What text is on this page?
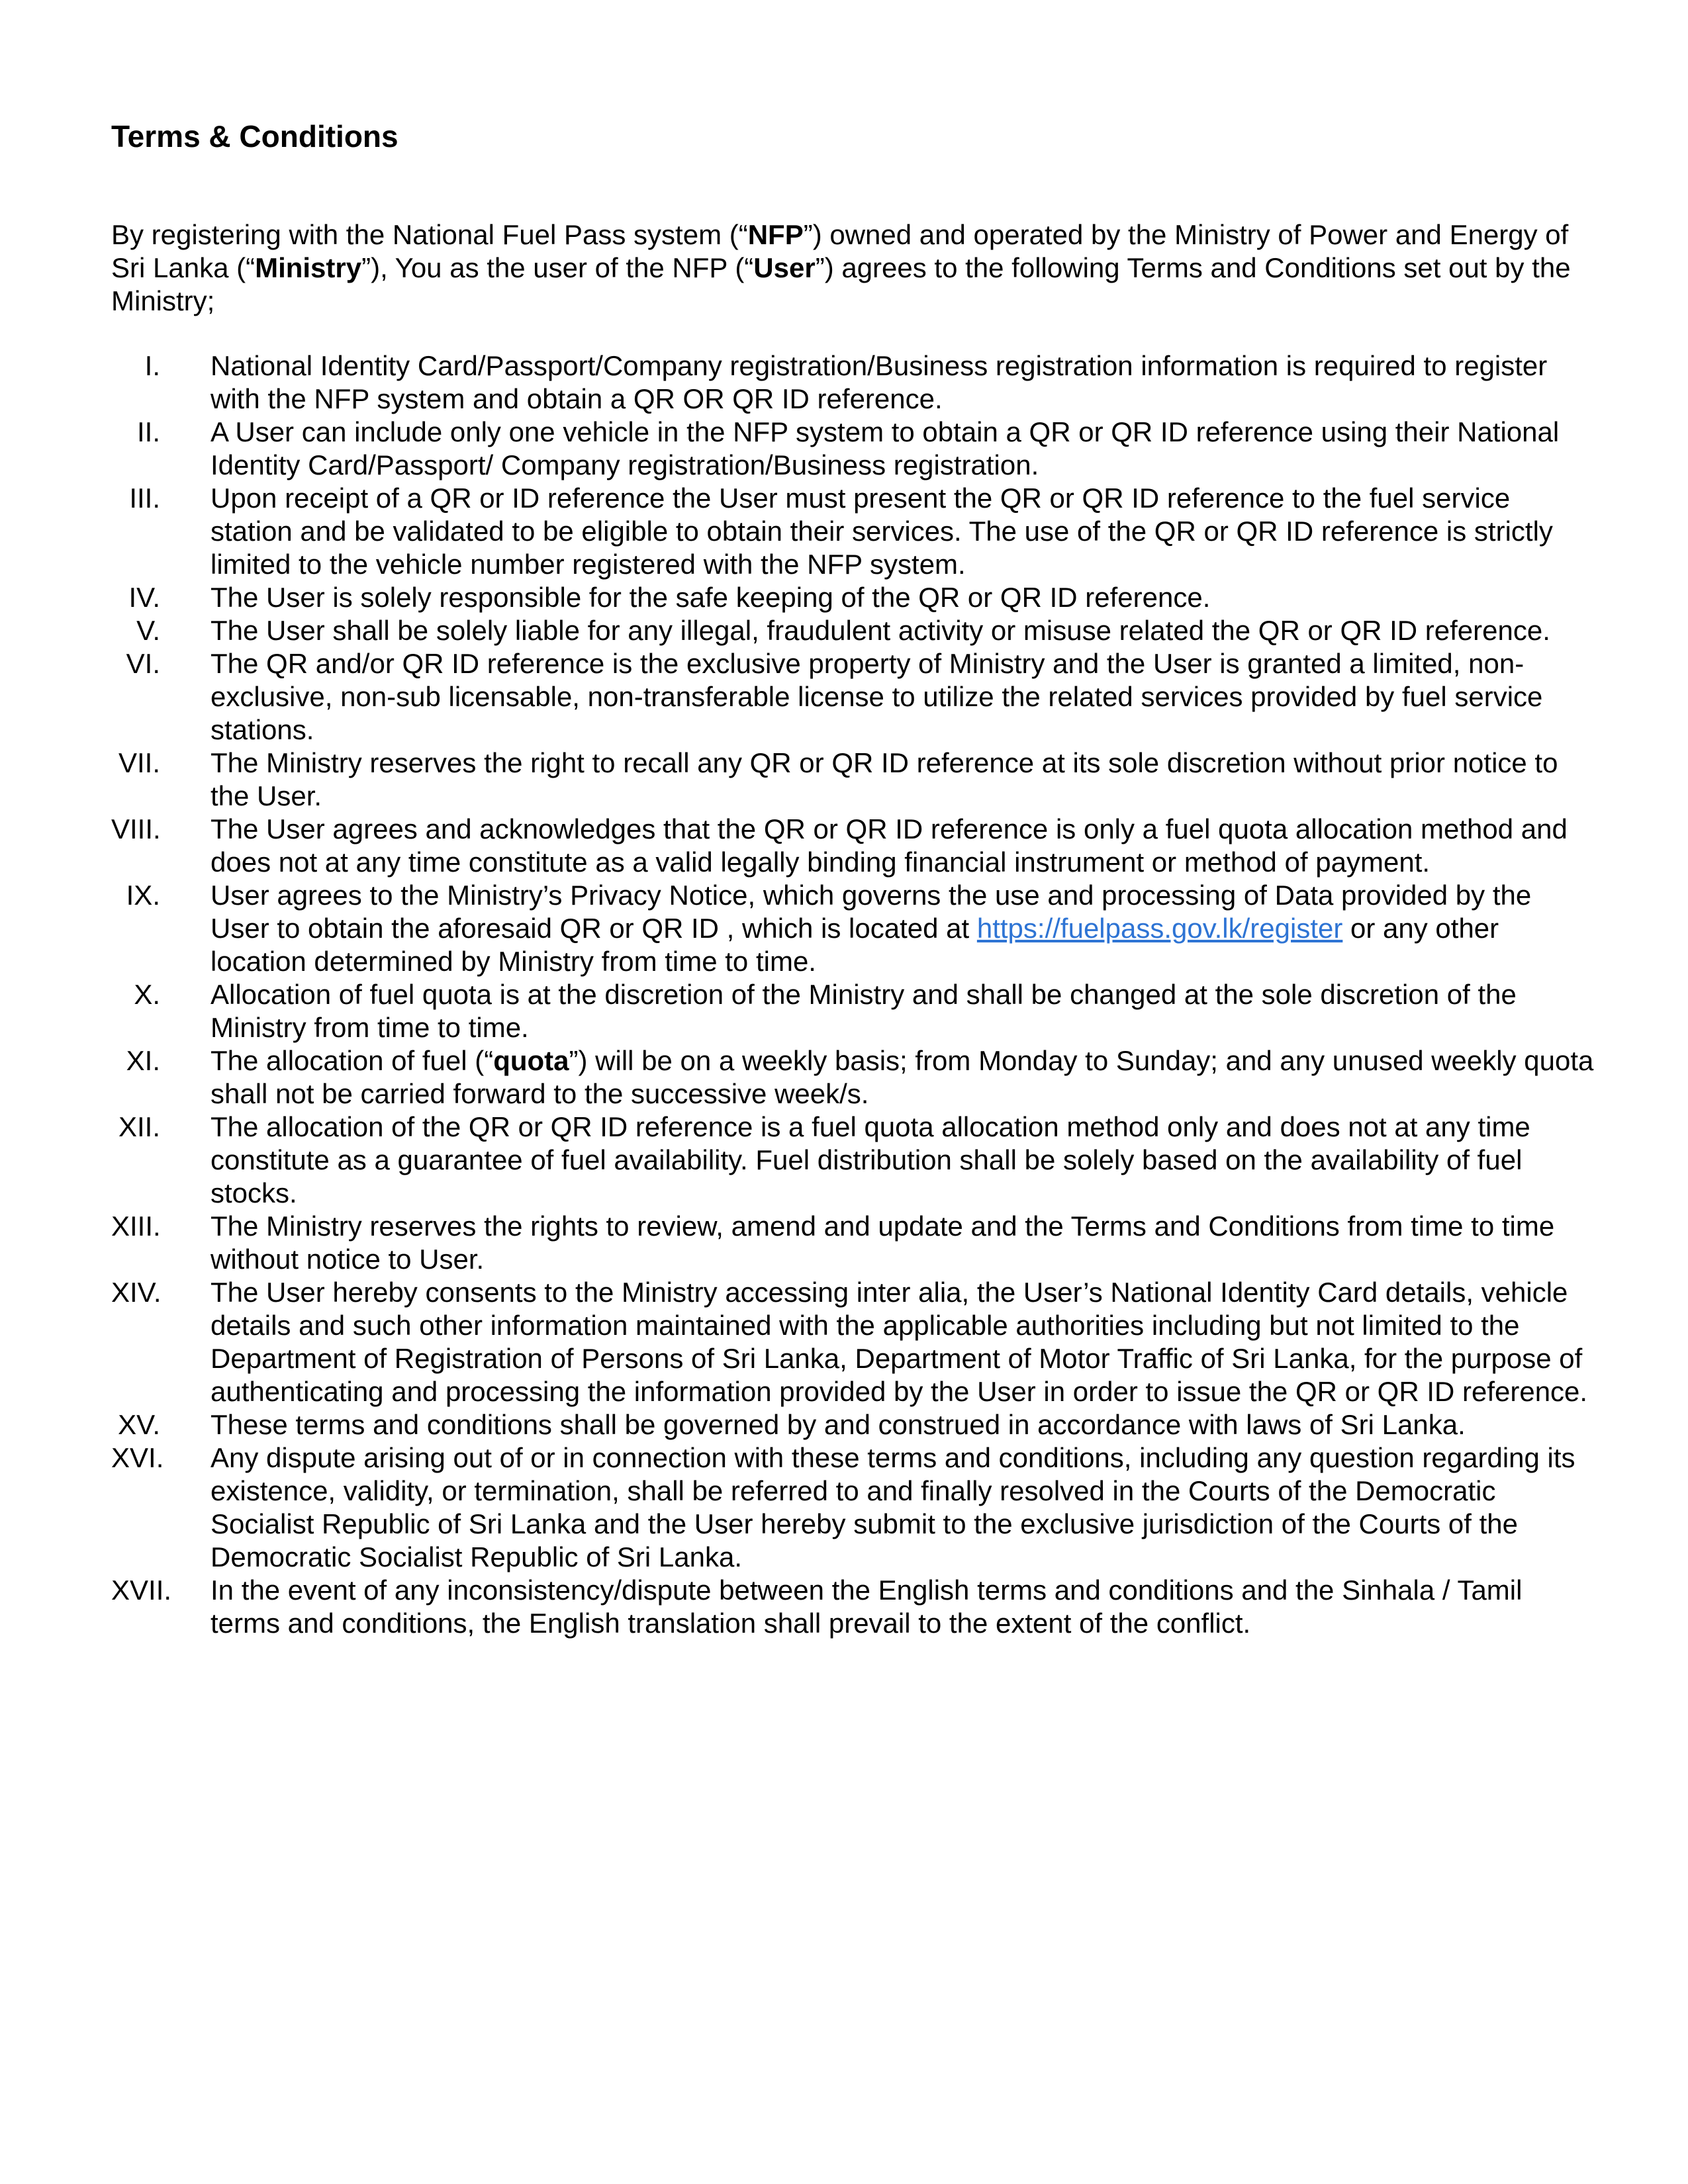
Terms & Conditions

By registering with the National Fuel Pass system (“NFP”) owned and operated by the Ministry of Power and Energy of Sri Lanka (“Ministry”), You as the user of the NFP (“User”) agrees to the following Terms and Conditions set out by the Ministry;

I.	National Identity Card/Passport/Company registration/Business registration information is required to register with the NFP system and obtain a QR OR QR ID reference.
II.	A User can include only one vehicle in the NFP system to obtain a QR or QR ID reference using their National Identity Card/Passport/ Company registration/Business registration.
III.	Upon receipt of a QR or ID reference the User must present the QR or QR ID reference to the fuel service station and be validated to be eligible to obtain their services. The use of the QR or QR ID reference is strictly limited to the vehicle number registered with the NFP system.
IV.	The User is solely responsible for the safe keeping of the QR or QR ID reference.
V.	The User shall be solely liable for any illegal, fraudulent activity or misuse related the QR or QR ID reference.
VI.	The QR and/or QR ID reference is the exclusive property of Ministry and the User is granted a limited, non-exclusive, non-sub licensable, non-transferable license to utilize the related services provided by fuel service stations.
VII.	The Ministry reserves the right to recall any QR or QR ID reference at its sole discretion without prior notice to the User.
VIII.	The User agrees and acknowledges that the QR or QR ID reference is only a fuel quota allocation method and does not at any time constitute as a valid legally binding financial instrument or method of payment.
IX.	User agrees to the Ministry’s Privacy Notice, which governs the use and processing of Data provided by the User to obtain the aforesaid QR or QR ID , which is located at https://fuelpass.gov.lk/register or any other location determined by Ministry from time to time.
X.	Allocation of fuel quota is at the discretion of the Ministry and shall be changed at the sole discretion of the Ministry from time to time.
XI.	The allocation of fuel (“quota”) will be on a weekly basis; from Monday to Sunday; and any unused weekly quota shall not be carried forward to the successive week/s.
XII.	The allocation of the QR or QR ID reference is a fuel quota allocation method only and does not at any time constitute as a guarantee of fuel availability. Fuel distribution shall be solely based on the availability of fuel stocks.
XIII.	The Ministry reserves the rights to review, amend and update and the Terms and Conditions from time to time without notice to User.
XIV.	The User hereby consents to the Ministry accessing inter alia, the User’s National Identity Card details, vehicle details and such other information maintained with the applicable authorities including but not limited to the Department of Registration of Persons of Sri Lanka, Department of Motor Traffic of Sri Lanka, for the purpose of authenticating and processing the information provided by the User in order to issue the QR or QR ID reference.
XV.	These terms and conditions shall be governed by and construed in accordance with laws of Sri Lanka.
XVI.	Any dispute arising out of or in connection with these terms and conditions, including any question regarding its existence, validity, or termination, shall be referred to and finally resolved in the Courts of the Democratic Socialist Republic of Sri Lanka and the User hereby submit to the exclusive jurisdiction of the Courts of the Democratic Socialist Republic of Sri Lanka.
XVII.	In the event of any inconsistency/dispute between the English terms and conditions and the Sinhala / Tamil terms and conditions, the English translation shall prevail to the extent of the conflict.
